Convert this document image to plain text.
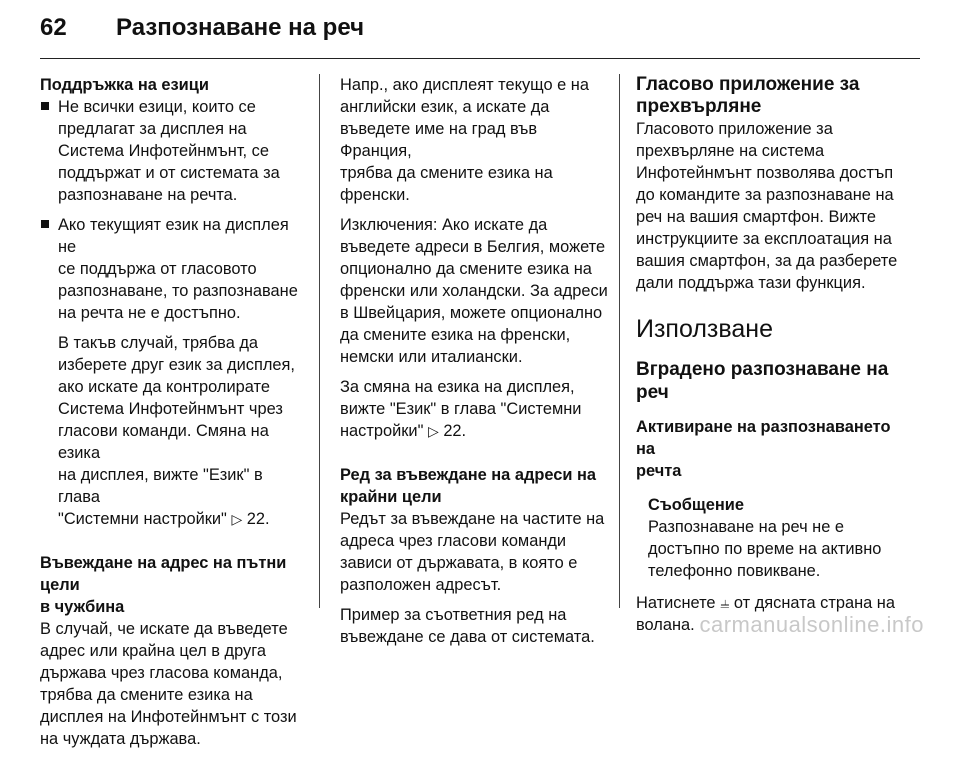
62	Разпознаване на реч
Поддръжка на езици
Не всички езици, които се
предлагат за дисплея на
Система Инфотейнмънт, се
поддържат и от системата за
разпознаване на речта.
Ако текущият език на дисплея не
се поддържа от гласовото
разпознаване, то разпознаване
на речта не е достъпно.
В такъв случай, трябва да
изберете друг език за дисплея,
ако искате да контролирате
Система Инфотейнмънт чрез
гласови команди. Смяна на езика
на дисплея, вижте "Език" в глава
"Системни настройки" ▷ 22.
Въвеждане на адрес на пътни цели
в чужбина
В случай, че искате да въведете
адрес или крайна цел в друга
държава чрез гласова команда,
трябва да смените езика на
дисплея на Инфотейнмънт с този
на чуждата държава.
Напр., ако дисплеят текущо е на
английски език, а искате да
въведете име на град във Франция,
трябва да смените езика на
френски.
Изключения: Ако искате да
въведете адреси в Белгия, можете
опционално да смените езика на
френски или холандски. За адреси
в Швейцария, можете опционално
да смените езика на френски,
немски или италиански.
За смяна на езика на дисплея,
вижте "Език" в глава "Системни
настройки" ▷ 22.
Ред за въвеждане на адреси на
крайни цели
Редът за въвеждане на частите на
адреса чрез гласови команди
зависи от държавата, в която е
разположен адресът.
Пример за съответния ред на
въвеждане се дава от системата.
Гласово приложение за
прехвърляне
Гласовото приложение за
прехвърляне на система
Инфотейнмънт позволява достъп
до командите за разпознаване на
реч на вашия смартфон. Вижте
инструкциите за експлоатация на
вашия смартфон, за да разберете
дали поддържа тази функция.
Използване
Вградено разпознаване на
реч
Активиране на разпознаването на
речта
Съобщение
Разпознаване на реч не е
достъпно по време на активно
телефонно повикване.
Натиснете ⫨ от дясната страна на
волана. carmanualsonline.info
